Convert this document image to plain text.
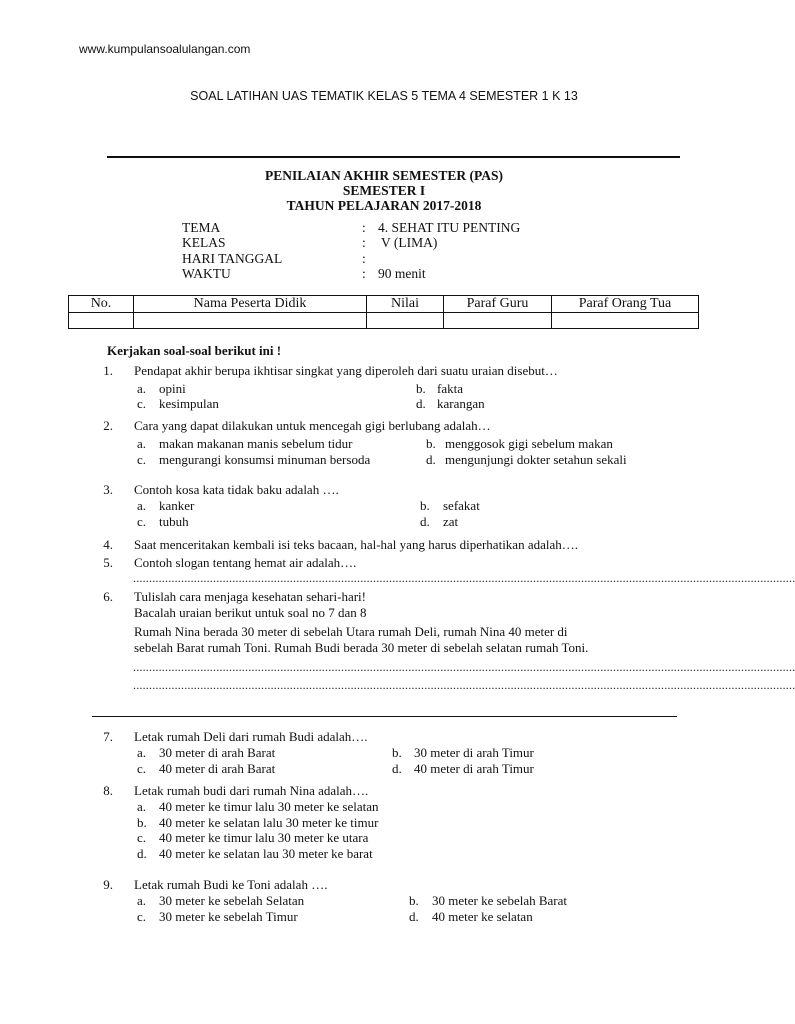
www.kumpulansoalulangan.com
SOAL LATIHAN UAS TEMATIK KELAS 5 TEMA 4 SEMESTER 1 K 13
PENILAIAN AKHIR SEMESTER (PAS)
SEMESTER I
TAHUN PELAJARAN 2017-2018
TEMA	: 4. SEHAT ITU PENTING
KELAS	: V (LIMA)
HARI TANGGAL	:
WAKTU	: 90 menit
No.	Nama Peserta Didik	Nilai	Paraf Guru	Paraf Orang Tua

Kerjakan soal-soal berikut ini !
1. Pendapat akhir berupa ikhtisar singkat yang diperoleh dari suatu uraian disebut…
a. opini	b. fakta
c. kesimpulan	d. karangan
2. Cara yang dapat dilakukan untuk mencegah gigi berlubang adalah…
a. makan makanan manis sebelum tidur	b. menggosok gigi sebelum makan
c. mengurangi konsumsi minuman bersoda	d. mengunjungi dokter setahun sekali
3. Contoh kosa kata tidak baku adalah ….
a. kanker	b. sefakat
c. tubuh	d. zat
4. Saat menceritakan kembali isi teks bacaan, hal-hal yang harus diperhatikan adalah….
5. Contoh slogan tentang hemat air adalah….
...............................................................................................................................................................................................................
6. Tulislah cara menjaga kesehatan sehari-hari!
Bacalah uraian berikut untuk soal no 7 dan 8
Rumah Nina berada 30 meter di sebelah Utara rumah Deli, rumah Nina 40 meter di
sebelah Barat rumah Toni. Rumah Budi berada 30 meter di sebelah selatan rumah Toni.
...............................................................................................................................................................................................................
...............................................................................................................................................................................................................
7. Letak rumah Deli dari rumah Budi adalah….
a. 30 meter di arah Barat	b. 30 meter di arah Timur
c. 40 meter di arah Barat	d. 40 meter di arah Timur
8. Letak rumah budi dari rumah Nina adalah….
a. 40 meter ke timur lalu 30 meter ke selatan
b. 40 meter ke selatan lalu 30 meter ke timur
c. 40 meter ke timur lalu 30 meter ke utara
d. 40 meter ke selatan lau 30 meter ke barat
9. Letak rumah Budi ke Toni adalah ….
a. 30 meter ke sebelah Selatan	b. 30 meter ke sebelah Barat
c. 30 meter ke sebelah Timur	d. 40 meter ke selatan
